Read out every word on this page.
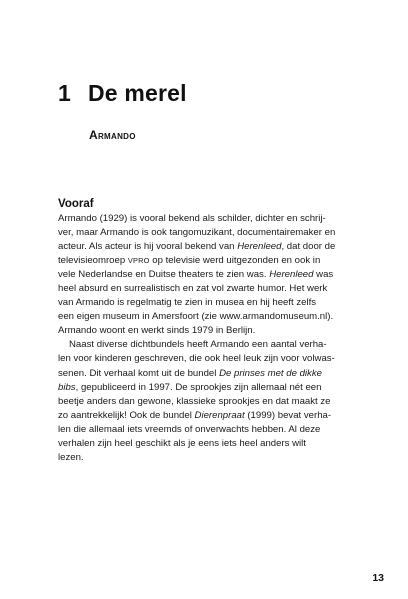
1 De merel
Armando
Vooraf
Armando (1929) is vooral bekend als schilder, dichter en schrij-
ver, maar Armando is ook tangomuzikant, documentairemaker en
acteur. Als acteur is hij vooral bekend van Herenleed, dat door de
televisieomroep VPRO op televisie werd uitgezonden en ook in
vele Nederlandse en Duitse theaters te zien was. Herenleed was
heel absurd en surrealistisch en zat vol zwarte humor. Het werk
van Armando is regelmatig te zien in musea en hij heeft zelfs
een eigen museum in Amersfoort (zie www.armandomuseum.nl).
Armando woont en werkt sinds 1979 in Berlijn.
Naast diverse dichtbundels heeft Armando een aantal verha-
len voor kinderen geschreven, die ook heel leuk zijn voor volwas-
senen. Dit verhaal komt uit de bundel De prinses met de dikke
bibs, gepubliceerd in 1997. De sprookjes zijn allemaal nét een
beetje anders dan gewone, klassieke sprookjes en dat maakt ze
zo aantrekkelijk! Ook de bundel Dierenpraat (1999) bevat verha-
len die allemaal iets vreemds of onverwachts hebben. Al deze
verhalen zijn heel geschikt als je eens iets heel anders wilt
lezen.
13
